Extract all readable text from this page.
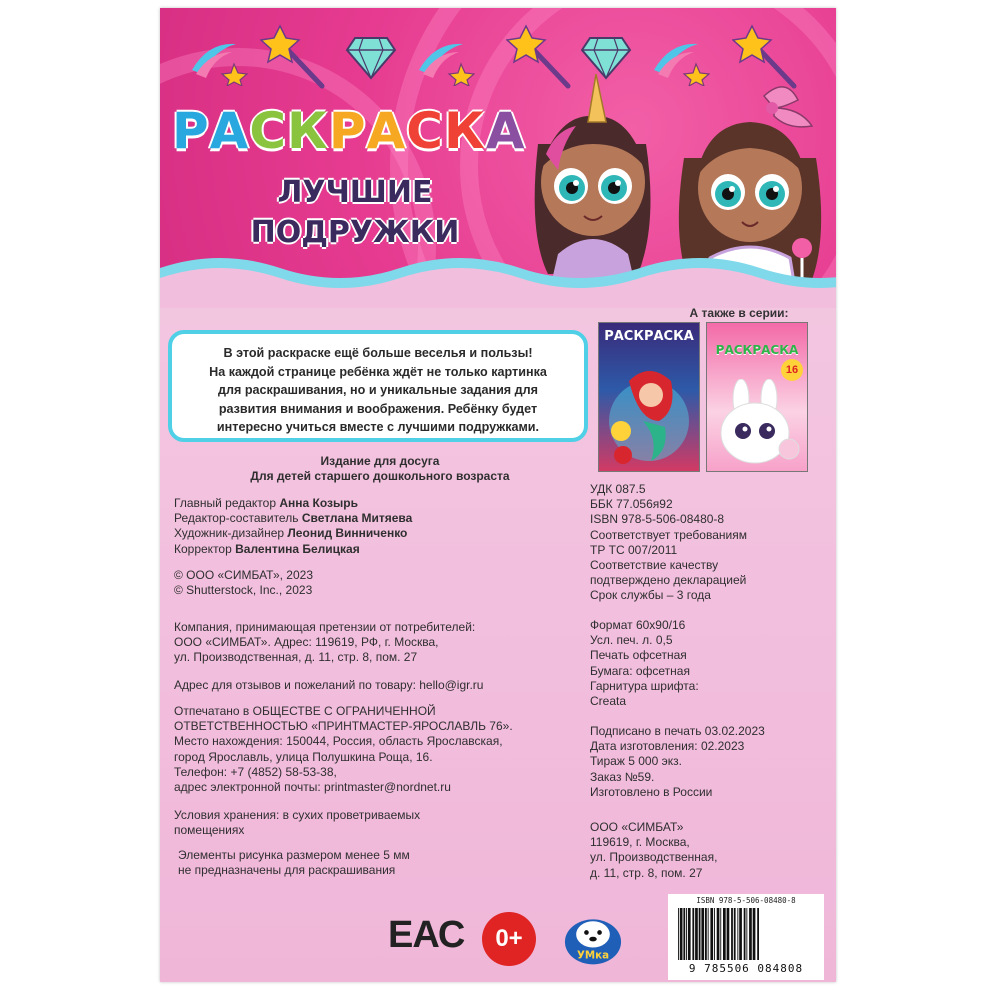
РАСКРАСКА
ЛУЧШИЕ
ПОДРУЖКИ
А также в серии:
РАСКРАСКА
РАСКРАСКА
16
В этой раскраске ещё больше веселья и пользы!
На каждой странице ребёнка ждёт не только картинка
для раскрашивания, но и уникальные задания для
развития внимания и воображения. Ребёнку будет
интересно учиться вместе с лучшими подружками.
Издание для досуга
Для детей старшего дошкольного возраста
Главный редактор Анна Козырь
Редактор-составитель Светлана Митяева
Художник-дизайнер Леонид Винниченко
Корректор Валентина Белицкая
© ООО «СИМБАТ», 2023
© Shutterstock, Inc., 2023
Компания, принимающая претензии от потребителей:
ООО «СИМБАТ». Адрес: 119619, РФ, г. Москва,
ул. Производственная, д. 11, стр. 8, пом. 27
Адрес для отзывов и пожеланий по товару: hello@igr.ru
Отпечатано в ОБЩЕСТВЕ С ОГРАНИЧЕННОЙ
ОТВЕТСТВЕННОСТЬЮ «ПРИНТМАСТЕР-ЯРОСЛАВЛЬ 76».
Место нахождения: 150044, Россия, область Ярославская,
город Ярославль, улица Полушкина Роща, 16.
Телефон: +7 (4852) 58-53-38,
адрес электронной почты: printmaster@nordnet.ru
Условия хранения: в сухих проветриваемых
помещениях
Элементы рисунка размером менее 5 мм
не предназначены для раскрашивания
УДК 087.5
ББК 77.056я92
ISBN 978-5-506-08480-8
Соответствует требованиям
ТР ТС 007/2011
Соответствие качеству
подтверждено декларацией
Срок службы – 3 года
Формат 60х90/16
Усл. печ. л. 0,5
Печать офсетная
Бумага: офсетная
Гарнитура шрифта:
Creata
Подписано в печать 03.02.2023
Дата изготовления: 02.2023
Тираж 5 000 экз.
Заказ №59.
Изготовлено в России
ООО «СИМБАТ»
119619, г. Москва,
ул. Производственная,
д. 11, стр. 8, пом. 27
ЕАС	0+
УМка
ISBN 978-5-506-08480-8
9 785506 084808
